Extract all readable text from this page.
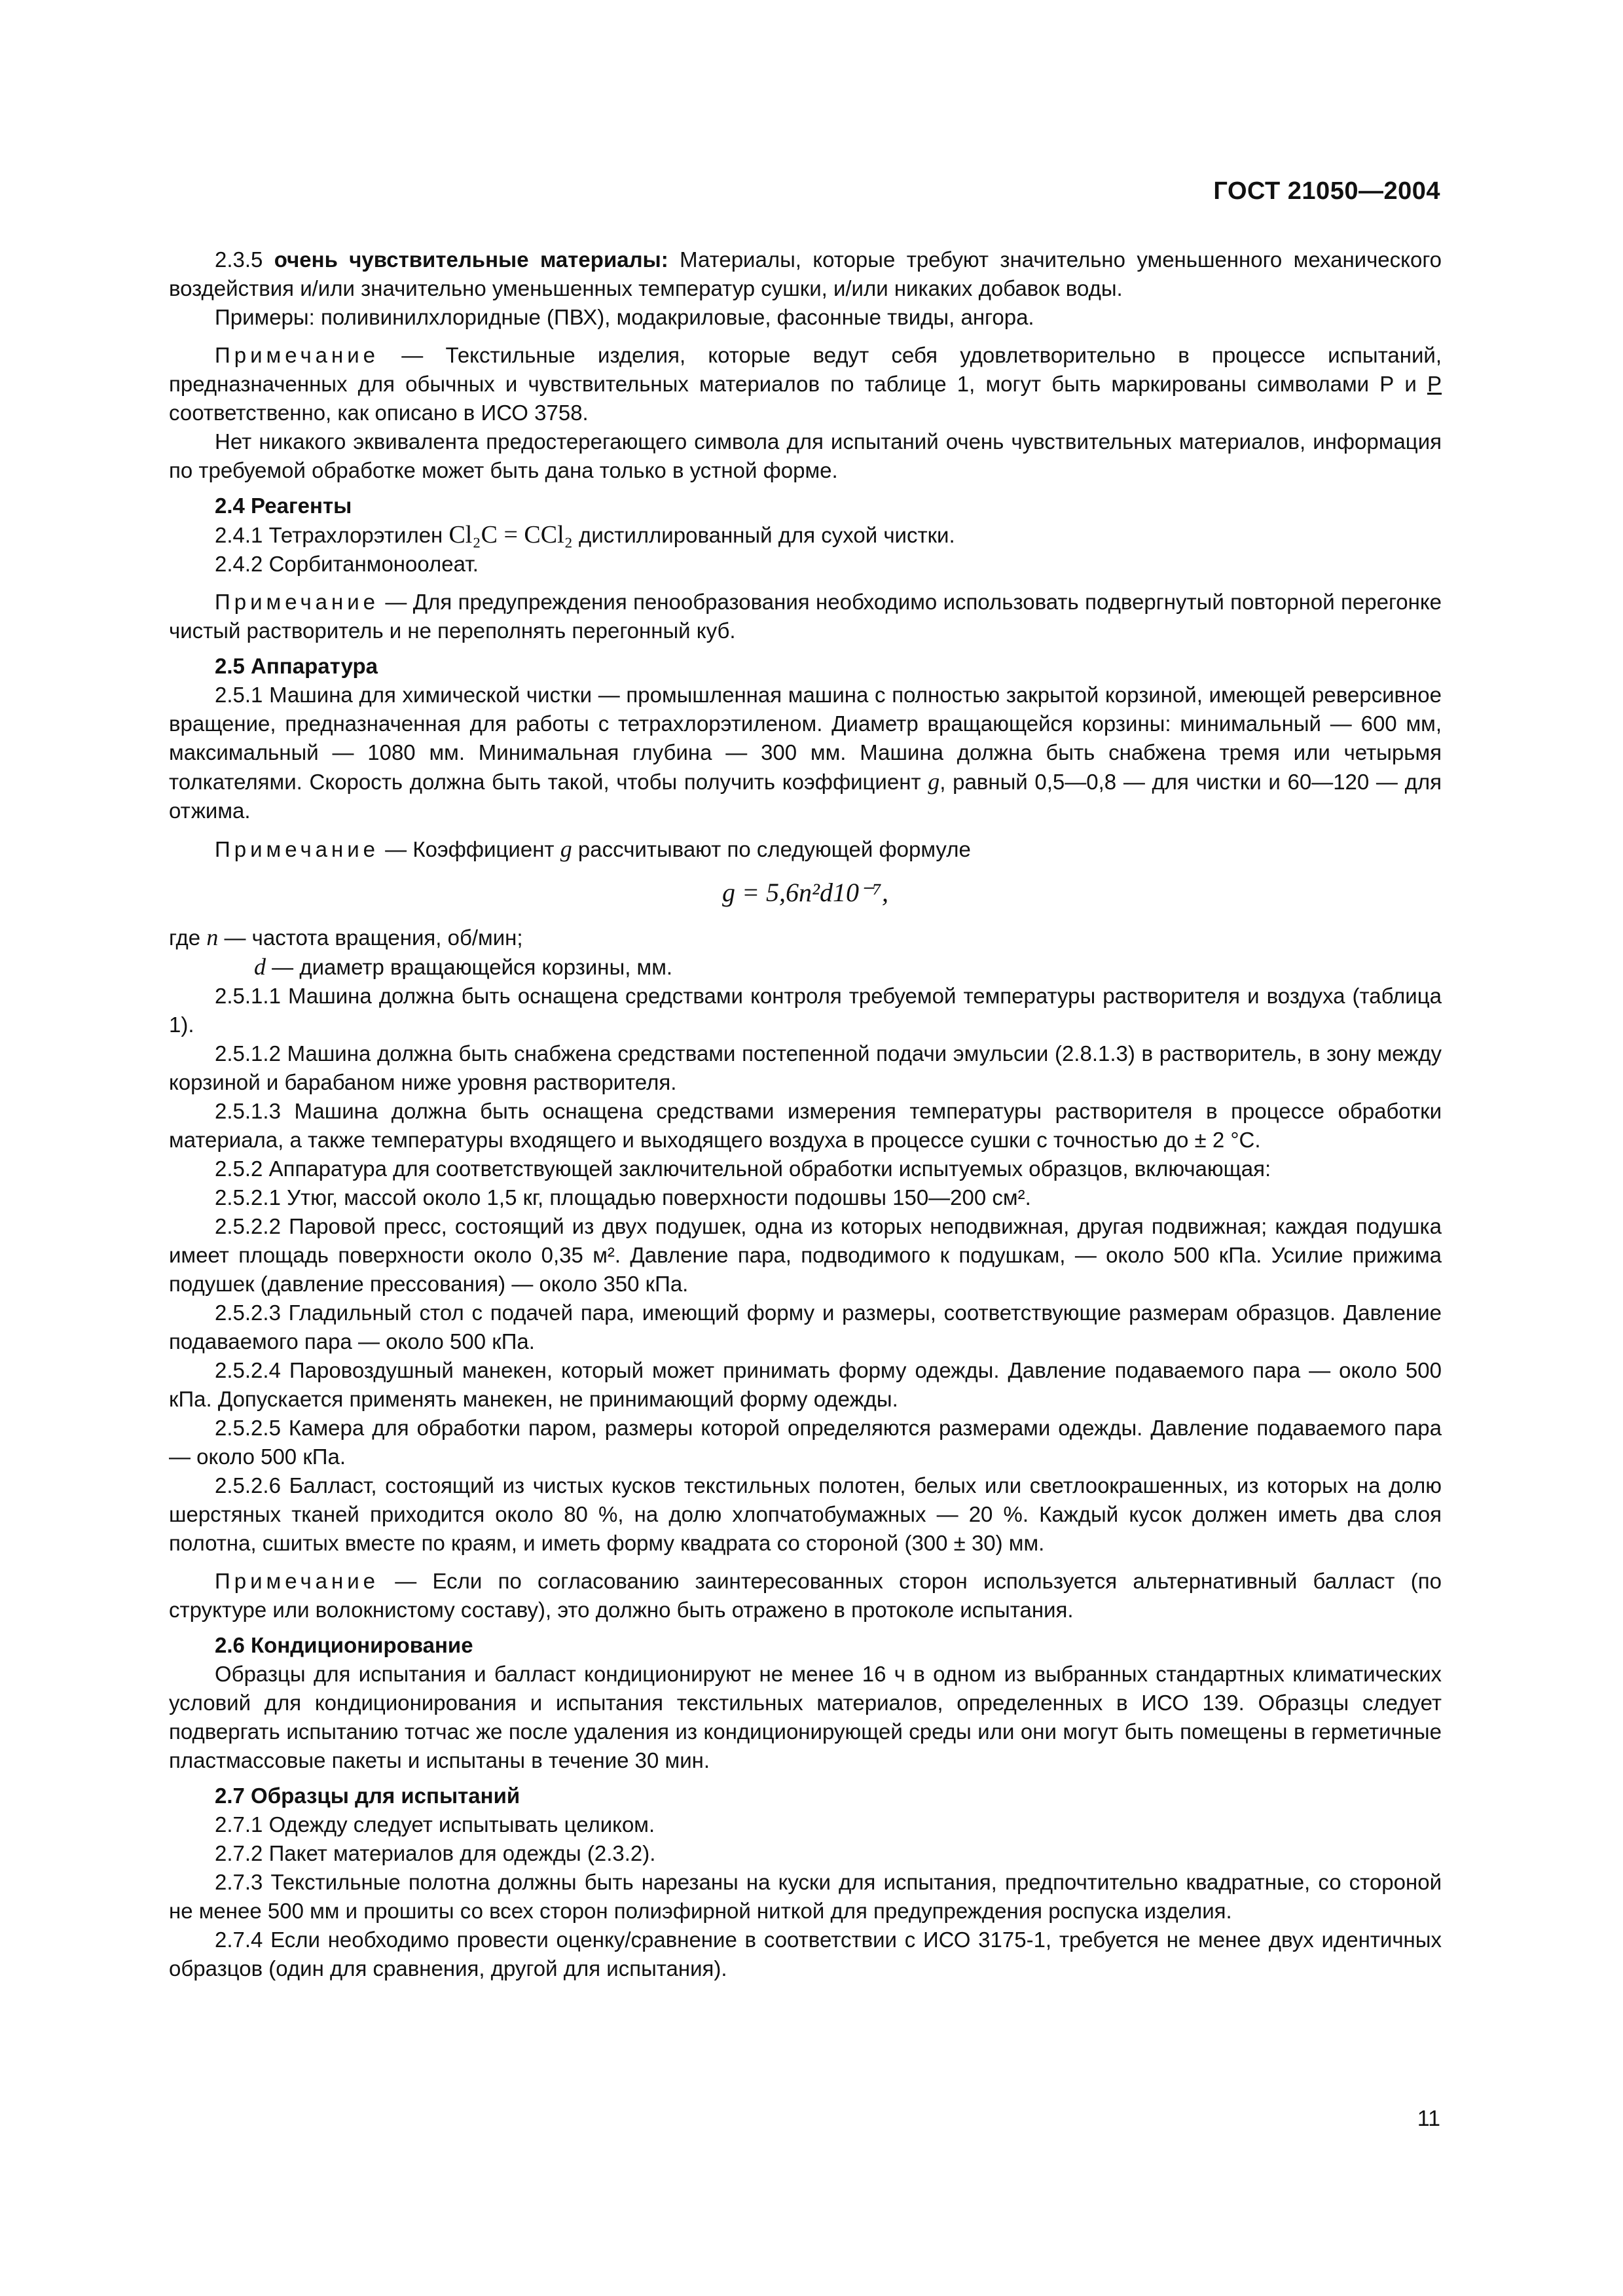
ГОСТ 21050—2004

2.3.5 очень чувствительные материалы: Материалы, которые требуют значительно уменьшенного механического воздействия и/или значительно уменьшенных температур сушки, и/или никаких добавок воды.

Примеры: поливинилхлоридные (ПВХ), модакриловые, фасонные твиды, ангора.

Примечание — Текстильные изделия, которые ведут себя удовлетворительно в процессе испытаний, предназначенных для обычных и чувствительных материалов по таблице 1, могут быть маркированы символами Р и Р соответственно, как описано в ИСО 3758.

Нет никакого эквивалента предостерегающего символа для испытаний очень чувствительных материалов, информация по требуемой обработке может быть дана только в устной форме.

2.4 Реагенты

2.4.1 Тетрахлорэтилен Cl₂C = CCl₂ дистиллированный для сухой чистки.

2.4.2 Сорбитанмоноолеат.

Примечание — Для предупреждения пенообразования необходимо использовать подвергнутый повторной перегонке чистый растворитель и не переполнять перегонный куб.

2.5 Аппаратура

2.5.1 Машина для химической чистки — промышленная машина с полностью закрытой корзиной, имеющей реверсивное вращение, предназначенная для работы с тетрахлорэтиленом. Диаметр вращающейся корзины: минимальный — 600 мм, максимальный — 1080 мм. Минимальная глубина — 300 мм. Машина должна быть снабжена тремя или четырьмя толкателями. Скорость должна быть такой, чтобы получить коэффициент g, равный 0,5—0,8 — для чистки и 60—120 — для отжима.

Примечание — Коэффициент g рассчитывают по следующей формуле

g = 5,6n²d10⁻⁷,

где n — частота вращения, об/мин;

d — диаметр вращающейся корзины, мм.

2.5.1.1 Машина должна быть оснащена средствами контроля требуемой температуры растворителя и воздуха (таблица 1).

2.5.1.2 Машина должна быть снабжена средствами постепенной подачи эмульсии (2.8.1.3) в растворитель, в зону между корзиной и барабаном ниже уровня растворителя.

2.5.1.3 Машина должна быть оснащена средствами измерения температуры растворителя в процессе обработки материала, а также температуры входящего и выходящего воздуха в процессе сушки с точностью до ± 2 °С.

2.5.2 Аппаратура для соответствующей заключительной обработки испытуемых образцов, включающая:

2.5.2.1 Утюг, массой около 1,5 кг, площадью поверхности подошвы 150—200 см².

2.5.2.2 Паровой пресс, состоящий из двух подушек, одна из которых неподвижная, другая подвижная; каждая подушка имеет площадь поверхности около 0,35 м². Давление пара, подводимого к подушкам, — около 500 кПа. Усилие прижима подушек (давление прессования) — около 350 кПа.

2.5.2.3 Гладильный стол с подачей пара, имеющий форму и размеры, соответствующие размерам образцов. Давление подаваемого пара — около 500 кПа.

2.5.2.4 Паровоздушный манекен, который может принимать форму одежды. Давление подаваемого пара — около 500 кПа. Допускается применять манекен, не принимающий форму одежды.

2.5.2.5 Камера для обработки паром, размеры которой определяются размерами одежды. Давление подаваемого пара — около 500 кПа.

2.5.2.6 Балласт, состоящий из чистых кусков текстильных полотен, белых или светлоокрашенных, из которых на долю шерстяных тканей приходится около 80 %, на долю хлопчатобумажных — 20 %. Каждый кусок должен иметь два слоя полотна, сшитых вместе по краям, и иметь форму квадрата со стороной (300 ± 30) мм.

Примечание — Если по согласованию заинтересованных сторон используется альтернативный балласт (по структуре или волокнистому составу), это должно быть отражено в протоколе испытания.

2.6 Кондиционирование

Образцы для испытания и балласт кондиционируют не менее 16 ч в одном из выбранных стандартных климатических условий для кондиционирования и испытания текстильных материалов, определенных в ИСО 139. Образцы следует подвергать испытанию тотчас же после удаления из кондиционирующей среды или они могут быть помещены в герметичные пластмассовые пакеты и испытаны в течение 30 мин.

2.7 Образцы для испытаний

2.7.1 Одежду следует испытывать целиком.

2.7.2 Пакет материалов для одежды (2.3.2).

2.7.3 Текстильные полотна должны быть нарезаны на куски для испытания, предпочтительно квадратные, со стороной не менее 500 мм и прошиты со всех сторон полиэфирной ниткой для предупреждения роспуска изделия.

2.7.4 Если необходимо провести оценку/сравнение в соответствии с ИСО 3175-1, требуется не менее двух идентичных образцов (один для сравнения, другой для испытания).

11
